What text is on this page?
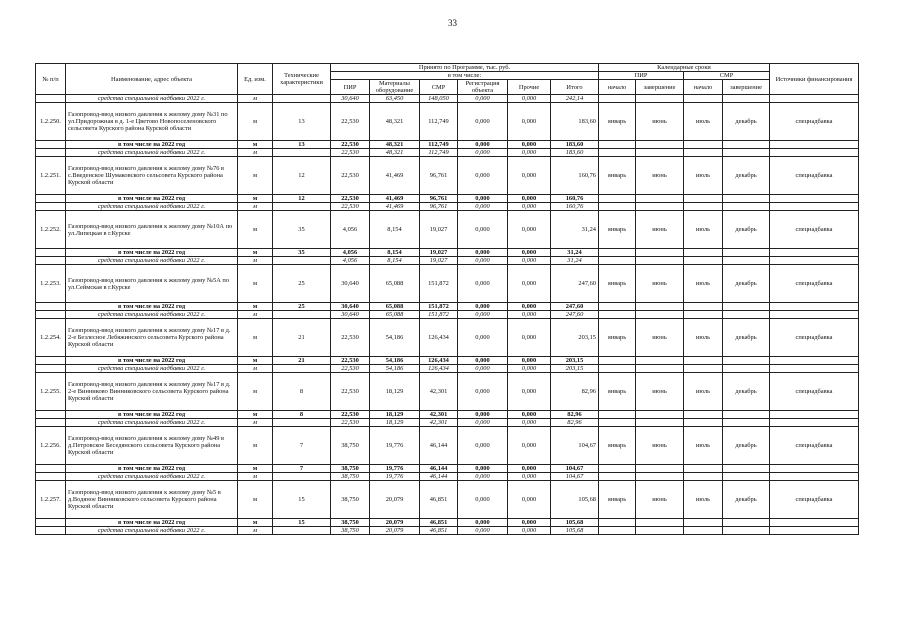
33
№ п/п	Наименование, адрес объекта	Ед. изм.	Технические характеристики	Принято по Программе, тыс. руб.						Календарные сроки				Источники финансирования
				в том числе:						ПИР		СМР		
				ПИР	Материалы оборудование	СМР	Регистрация объекта	Прочие	Итого	начало	завершение	начало	завершение	
	средства специальной надбавки 2022 г.	м		30,640	63,450	148,050	0,000	0,000	242,14					
1.2.250.	Газопровод-ввод низкого давления к жилому дому №31 по ул.Придорожная в д. 1-е Цветово Новопоселеновского сельсовета Курского района Курской области	м	13	22,530	48,321	112,749	0,000	0,000	183,60	январь	июнь	июль	декабрь	спецнадбавка
	в том числе на 2022 год	м	13	22,530	48,321	112,749	0,000	0,000	183,60					
	средства специальной надбавки 2022 г.	м		22,530	48,321	112,749	0,000	0,000	183,60					
1.2.251.	Газопровод-ввод низкого давления к жилому дому №76 в с.Введенское Шумаковского сельсовета Курского района Курской области	м	12	22,530	41,469	96,761	0,000	0,000	160,76	январь	июнь	июль	декабрь	спецнадбавка
	в том числе на 2022 год	м	12	22,530	41,469	96,761	0,000	0,000	160,76					
	средства специальной надбавки 2022 г.	м		22,530	41,469	96,761	0,000	0,000	160,76					
1.2.252.	Газопровод-ввод низкого давления к жилому дому №10А по ул.Липецкая в г.Курске	м	35	4,056	8,154	19,027	0,000	0,000	31,24	январь	июнь	июль	декабрь	спецнадбавка
	в том числе на 2022 год	м	35	4,056	8,154	19,027	0,000	0,000	31,24					
	средства специальной надбавки 2022 г.	м		4,056	8,154	19,027	0,000	0,000	31,24					
1.2.253.	Газопровод-ввод низкого давления к жилому дому №5А по ул.Сеймская в г.Курске	м	25	30,640	65,088	151,872	0,000	0,000	247,60	январь	июнь	июль	декабрь	спецнадбавка
	в том числе на 2022 год	м	25	30,640	65,088	151,872	0,000	0,000	247,60					
	средства специальной надбавки 2022 г.	м		30,640	65,088	151,872	0,000	0,000	247,60					
1.2.254.	Газопровод-ввод низкого давления к жилому дому №17 в д. 2-е Безлесное Лебяжинского сельсовета Курского района Курской области	м	21	22,530	54,186	126,434	0,000	0,000	203,15	январь	июнь	июль	декабрь	спецнадбавка
	в том числе на 2022 год	м	21	22,530	54,186	126,434	0,000	0,000	203,15					
	средства специальной надбавки 2022 г.	м		22,530	54,186	126,434	0,000	0,000	203,15					
1.2.255.	Газопровод-ввод низкого давления к жилому дому №17 в д. 2-е Винниково Винниковского сельсовета Курского района Курской области	м	8	22,530	18,129	42,301	0,000	0,000	82,96	январь	июнь	июль	декабрь	спецнадбавка
	в том числе на 2022 год	м	8	22,530	18,129	42,301	0,000	0,000	82,96					
	средства специальной надбавки 2022 г.	м		22,530	18,129	42,301	0,000	0,000	82,96					
1.2.256.	Газопровод-ввод низкого давления к жилому дому №49 в д.Петровское Беседянского сельсовета Курского района Курской области	м	7	38,750	19,776	46,144	0,000	0,000	104,67	январь	июнь	июль	декабрь	спецнадбавка
	в том числе на 2022 год	м	7	38,750	19,776	46,144	0,000	0,000	104,67					
	средства специальной надбавки 2022 г.	м		38,750	19,776	46,144	0,000	0,000	104,67					
1.2.257.	Газопровод-ввод низкого давления к жилому дому №5 в д.Водяное Винниковского сельсовета Курского района Курской области	м	15	38,750	20,079	46,851	0,000	0,000	105,68	январь	июнь	июль	декабрь	спецнадбавка
	в том числе на 2022 год	м	15	38,750	20,079	46,851	0,000	0,000	105,68					
	средства специальной надбавки 2022 г.	м		38,750	20,079	46,851	0,000	0,000	105,68					
